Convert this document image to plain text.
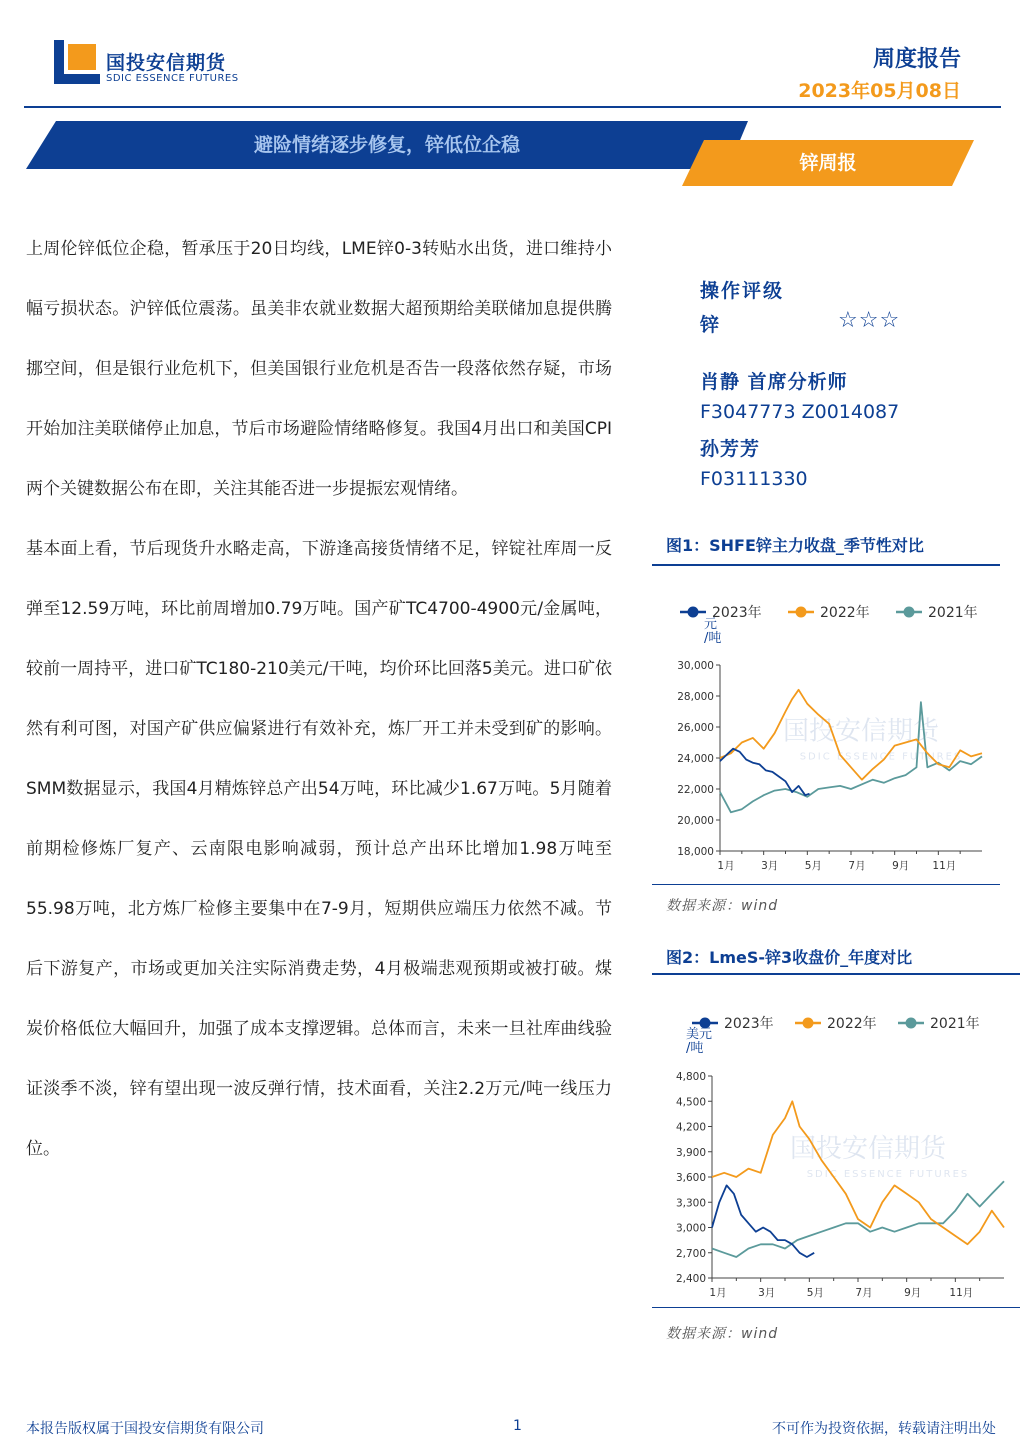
国投安信期货
SDIC ESSENCE FUTURES
周度报告
2023年05月08日
避险情绪逐步修复，锌低位企稳
锌周报

上周伦锌低位企稳，暂承压于20日均线，LME锌0-3转贴水出货，进口维持小幅亏损状态。沪锌低位震荡。虽美非农就业数据大超预期给美联储加息提供腾挪空间，但是银行业危机下，但美国银行业危机是否告一段落依然存疑，市场开始加注美联储停止加息，节后市场避险情绪略修复。我国4月出口和美国CPI两个关键数据公布在即，关注其能否进一步提振宏观情绪。

基本面上看，节后现货升水略走高，下游逢高接货情绪不足，锌锭社库周一反弹至12.59万吨，环比前周增加0.79万吨。国产矿TC4700-4900元/金属吨，较前一周持平，进口矿TC180-210美元/干吨，均价环比回落5美元。进口矿依然有利可图，对国产矿供应偏紧进行有效补充，炼厂开工并未受到矿的影响。SMM数据显示，我国4月精炼锌总产出54万吨，环比减少1.67万吨。5月随着前期检修炼厂复产、云南限电影响减弱，预计总产出环比增加1.98万吨至55.98万吨，北方炼厂检修主要集中在7-9月，短期供应端压力依然不减。节后下游复产，市场或更加关注实际消费走势，4月极端悲观预期或被打破。煤炭价格低位大幅回升，加强了成本支撑逻辑。总体而言，未来一旦社库曲线验证淡季不淡，锌有望出现一波反弹行情，技术面看，关注2.2万元/吨一线压力位。

操作评级
锌	☆☆☆
肖静 首席分析师
F3047773 Z0014087
孙芳芳
F03111330
图1：SHFE锌主力收盘_季节性对比
国投安信期货
SDIC ESSENCE FUTURES
2023年	2022年	2021年
元
/吨
30,000
28,000
26,000
24,000
22,000
20,000
18,000
1月	3月	5月	7月	9月 11月
数据来源：wind
图2：LmeS-锌3收盘价_年度对比
国投安信期货
SDIC ESSENCE FUTURES
2023年	2022年	2021年
美元
/吨
4,800
4,500
4,200
3,900
3,600
3,300
3,000
2,700
2,400
1月	3月	5月	7月	9月	11月
数据来源：wind
本报告版权属于国投安信期货有限公司	1	不可作为投资依据，转载请注明出处
